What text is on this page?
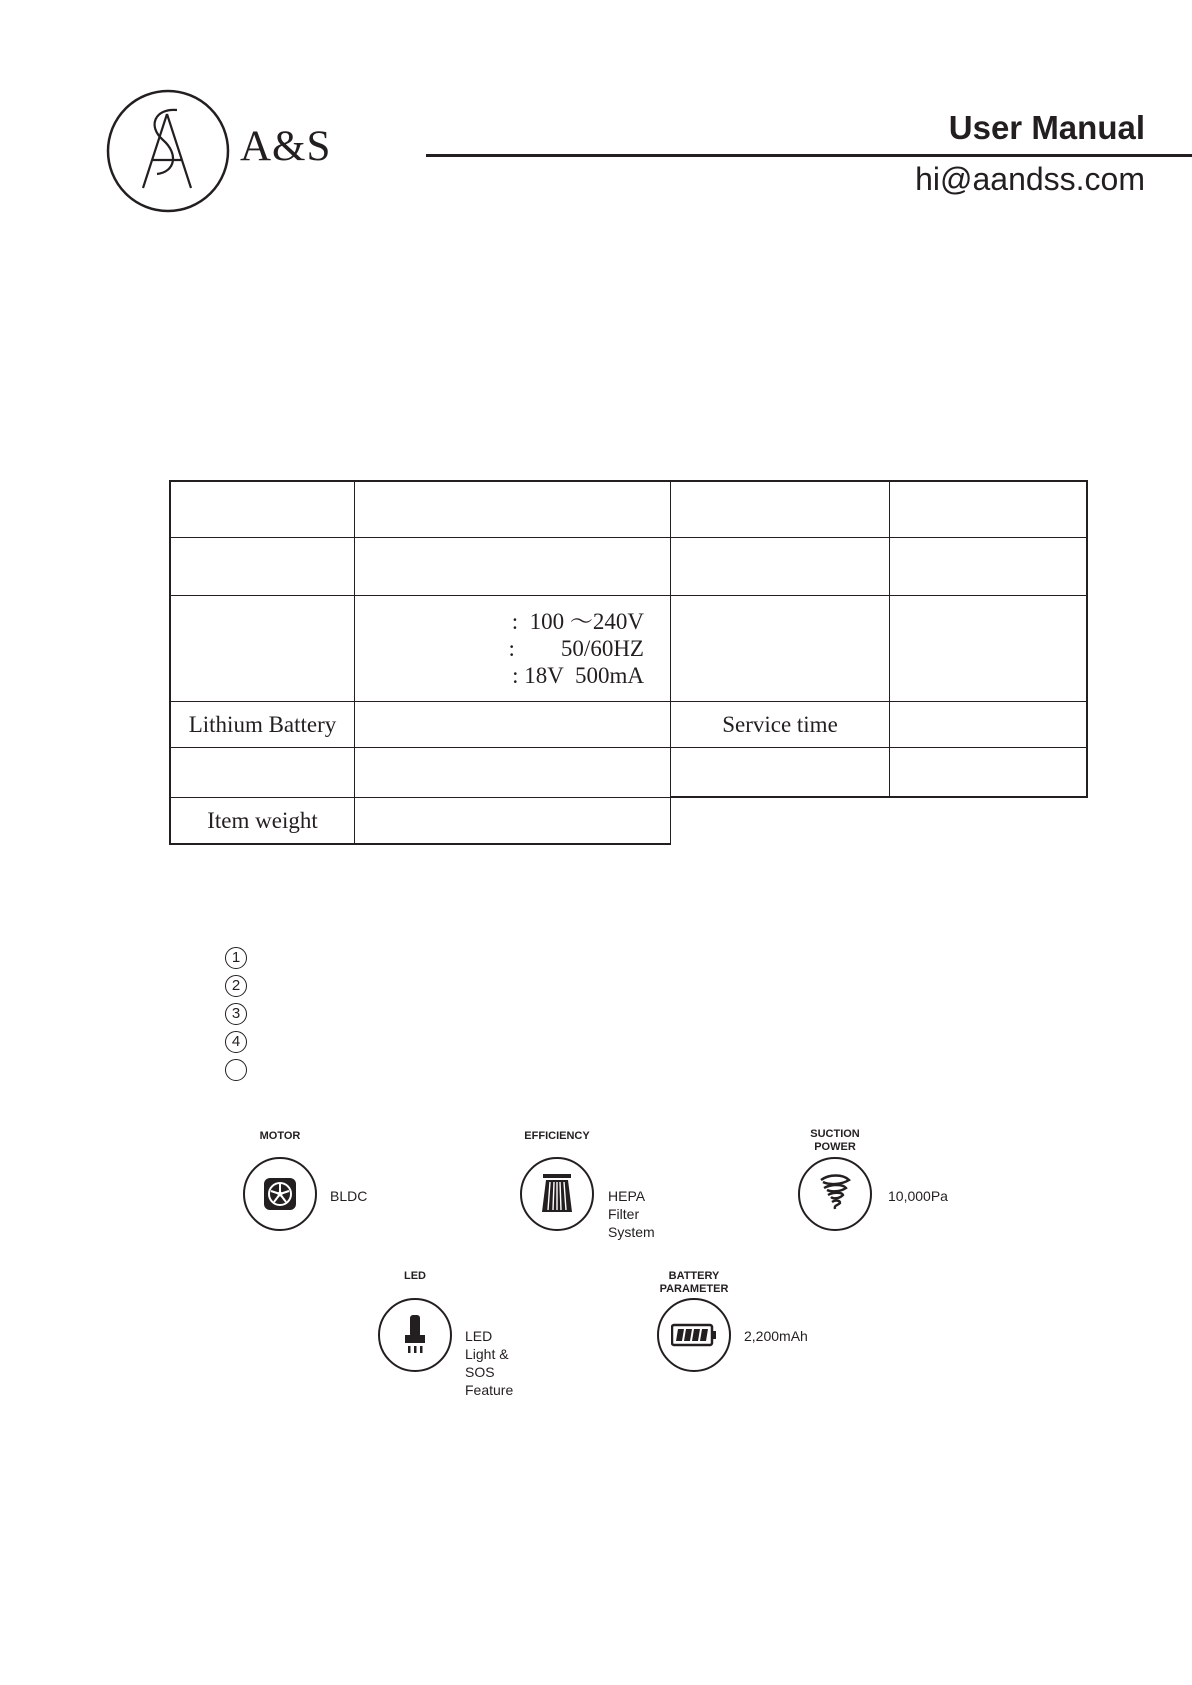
A&S	User Manual
hi@aandss.com
:  100 ～240V
:        50/60HZ
: 18V  500mA
Lithium Battery	Service time
Item weight
1
2
3
4
MOTOR
BLDC
EFFICIENCY
HEPA Filter System
SUCTION
POWER
10,000Pa
LED
LED Light &
SOS Feature
BATTERY
PARAMETER
2,200mAh
